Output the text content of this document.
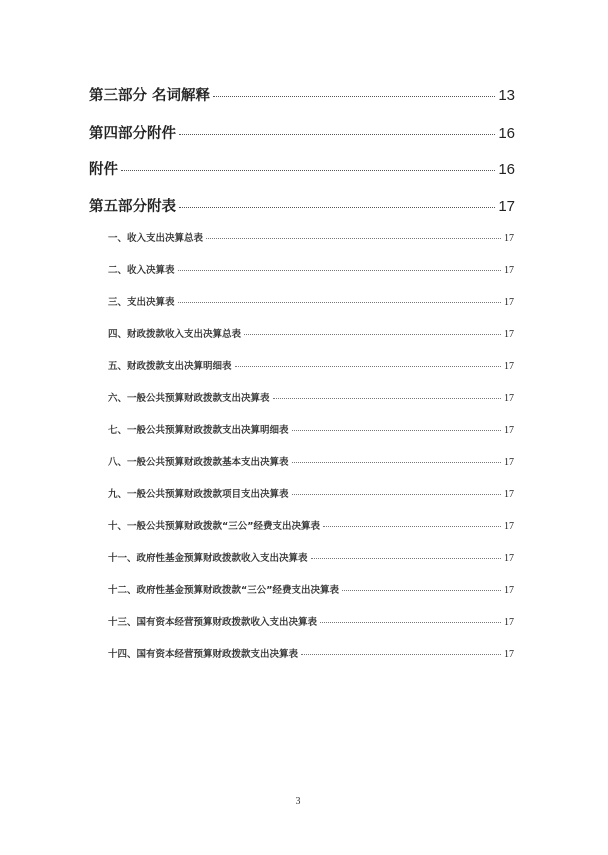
第三部分 名词解释	13
第四部分附件	16
附件	16
第五部分附表	17
一、收入支出决算总表	17
二、收入决算表	17
三、支出决算表	17
四、财政拨款收入支出决算总表	17
五、财政拨款支出决算明细表	17
六、一般公共预算财政拨款支出决算表	17
七、一般公共预算财政拨款支出决算明细表	17
八、一般公共预算财政拨款基本支出决算表	17
九、一般公共预算财政拨款项目支出决算表	17
十、一般公共预算财政拨款“三公”经费支出决算表	17
十一、政府性基金预算财政拨款收入支出决算表	17
十二、政府性基金预算财政拨款“三公”经费支出决算表	17
十三、国有资本经营预算财政拨款收入支出决算表	17
十四、国有资本经营预算财政拨款支出决算表	17
3
